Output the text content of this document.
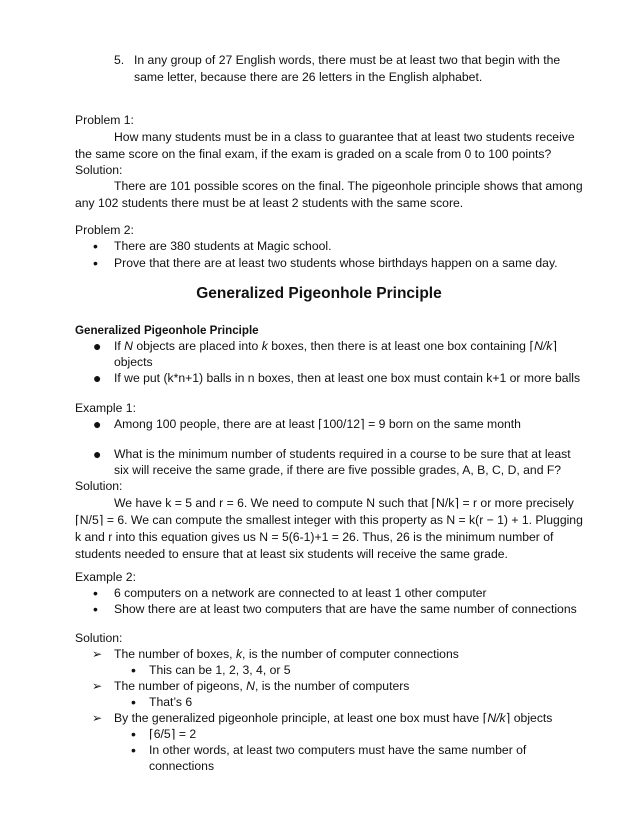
5. In any group of 27 English words, there must be at least two that begin with the
same letter, because there are 26 letters in the English alphabet.
Problem 1:
How many students must be in a class to guarantee that at least two students receive
the same score on the final exam, if the exam is graded on a scale from 0 to 100 points?
Solution:
There are 101 possible scores on the final. The pigeonhole principle shows that among
any 102 students there must be at least 2 students with the same score.
Problem 2:
• There are 380 students at Magic school.
• Prove that there are at least two students whose birthdays happen on a same day.
Generalized Pigeonhole Principle
Generalized Pigeonhole Principle
● If N objects are placed into k boxes, then there is at least one box containing ⌈N/k⌉
objects
● If we put (k*n+1) balls in n boxes, then at least one box must contain k+1 or more balls
Example 1:
● Among 100 people, there are at least ⌈100/12⌉ = 9 born on the same month
● What is the minimum number of students required in a course to be sure that at least
six will receive the same grade, if there are five possible grades, A, B, C, D, and F?
Solution:
We have k = 5 and r = 6. We need to compute N such that ⌈N/k⌉ = r or more precisely
⌈N/5⌉ = 6. We can compute the smallest integer with this property as N = k(r − 1) + 1. Plugging
k and r into this equation gives us N = 5(6-1)+1 = 26. Thus, 26 is the minimum number of
students needed to ensure that at least six students will receive the same grade.
Example 2:
• 6 computers on a network are connected to at least 1 other computer
• Show there are at least two computers that are have the same number of connections
Solution:
➢ The number of boxes, k, is the number of computer connections
• This can be 1, 2, 3, 4, or 5
➢ The number of pigeons, N, is the number of computers
• That’s 6
➢ By the generalized pigeonhole principle, at least one box must have ⌈N/k⌉ objects
• ⌈6/5⌉ = 2
• In other words, at least two computers must have the same number of
connections
